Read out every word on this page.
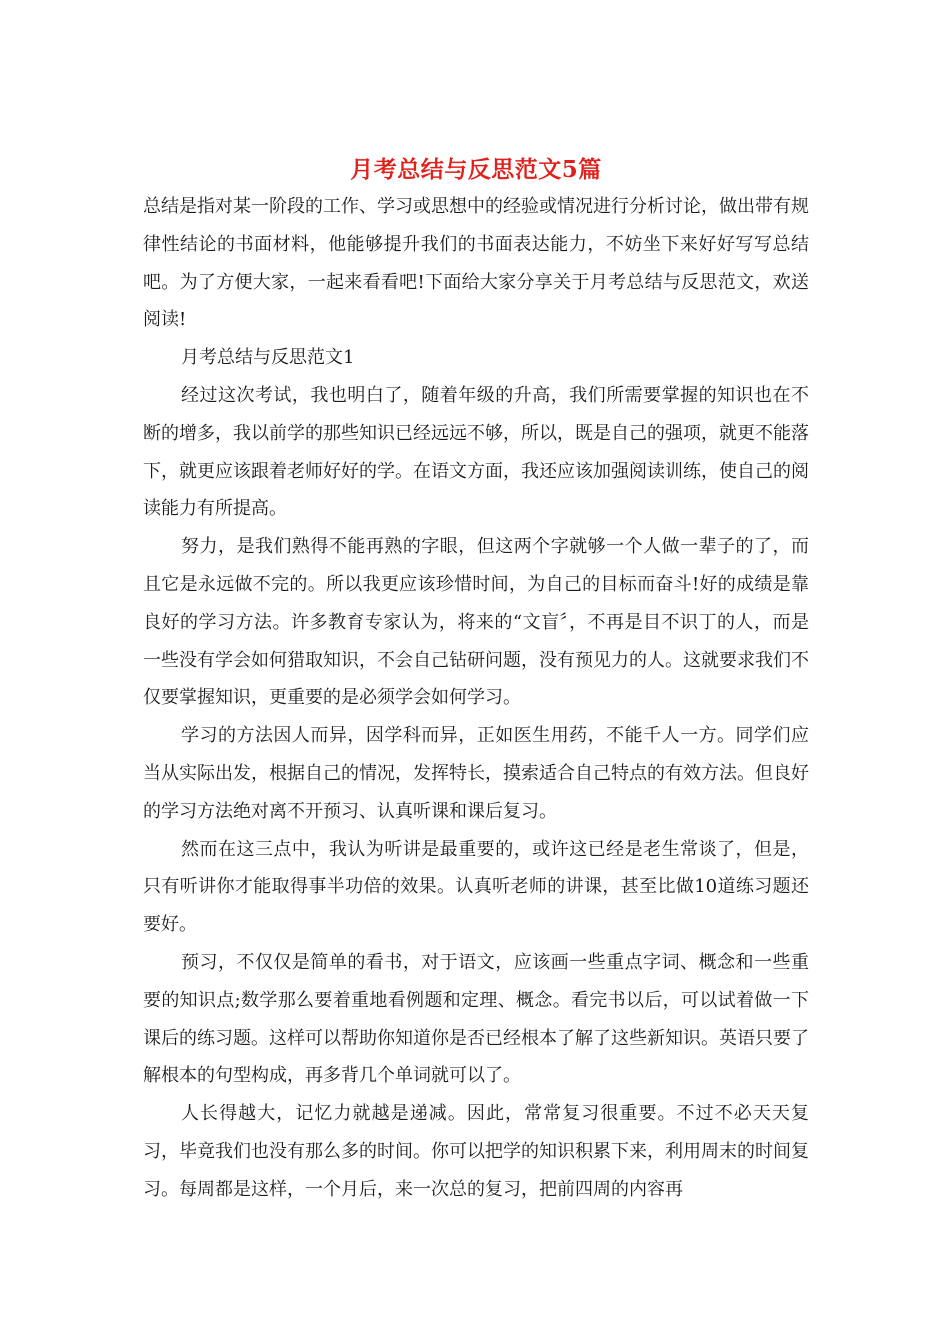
月考总结与反思范文5篇

总结是指对某一阶段的工作、学习或思想中的经验或情况进行分析讨论，做出带有规律性结论的书面材料，他能够提升我们的书面表达能力，不妨坐下来好好写写总结吧。为了方便大家，一起来看看吧!下面给大家分享关于月考总结与反思范文，欢送阅读!

月考总结与反思范文1

经过这次考试，我也明白了，随着年级的升高，我们所需要掌握的知识也在不断的增多，我以前学的那些知识已经远远不够，所以，既是自己的强项，就更不能落下，就更应该跟着老师好好的学。在语文方面，我还应该加强阅读训练，使自己的阅读能力有所提高。

努力，是我们熟得不能再熟的字眼，但这两个字就够一个人做一辈子的了，而且它是永远做不完的。所以我更应该珍惜时间，为自己的目标而奋斗!好的成绩是靠良好的学习方法。许多教育专家认为，将来的“文盲〞，不再是目不识丁的人，而是一些没有学会如何猎取知识，不会自己钻研问题，没有预见力的人。这就要求我们不仅要掌握知识，更重要的是必须学会如何学习。

学习的方法因人而异，因学科而异，正如医生用药，不能千人一方。同学们应当从实际出发，根据自己的情况，发挥特长，摸索适合自己特点的有效方法。但良好的学习方法绝对离不开预习、认真听课和课后复习。

然而在这三点中，我认为听讲是最重要的，或许这已经是老生常谈了，但是，只有听讲你才能取得事半功倍的效果。认真听老师的讲课，甚至比做10道练习题还要好。

预习，不仅仅是简单的看书，对于语文，应该画一些重点字词、概念和一些重要的知识点;数学那么要着重地看例题和定理、概念。看完书以后，可以试着做一下课后的练习题。这样可以帮助你知道你是否已经根本了解了这些新知识。英语只要了解根本的句型构成，再多背几个单词就可以了。

人长得越大，记忆力就越是递减。因此，常常复习很重要。不过不必天天复习，毕竟我们也没有那么多的时间。你可以把学的知识积累下来，利用周末的时间复习。每周都是这样，一个月后，来一次总的复习，把前四周的内容再
